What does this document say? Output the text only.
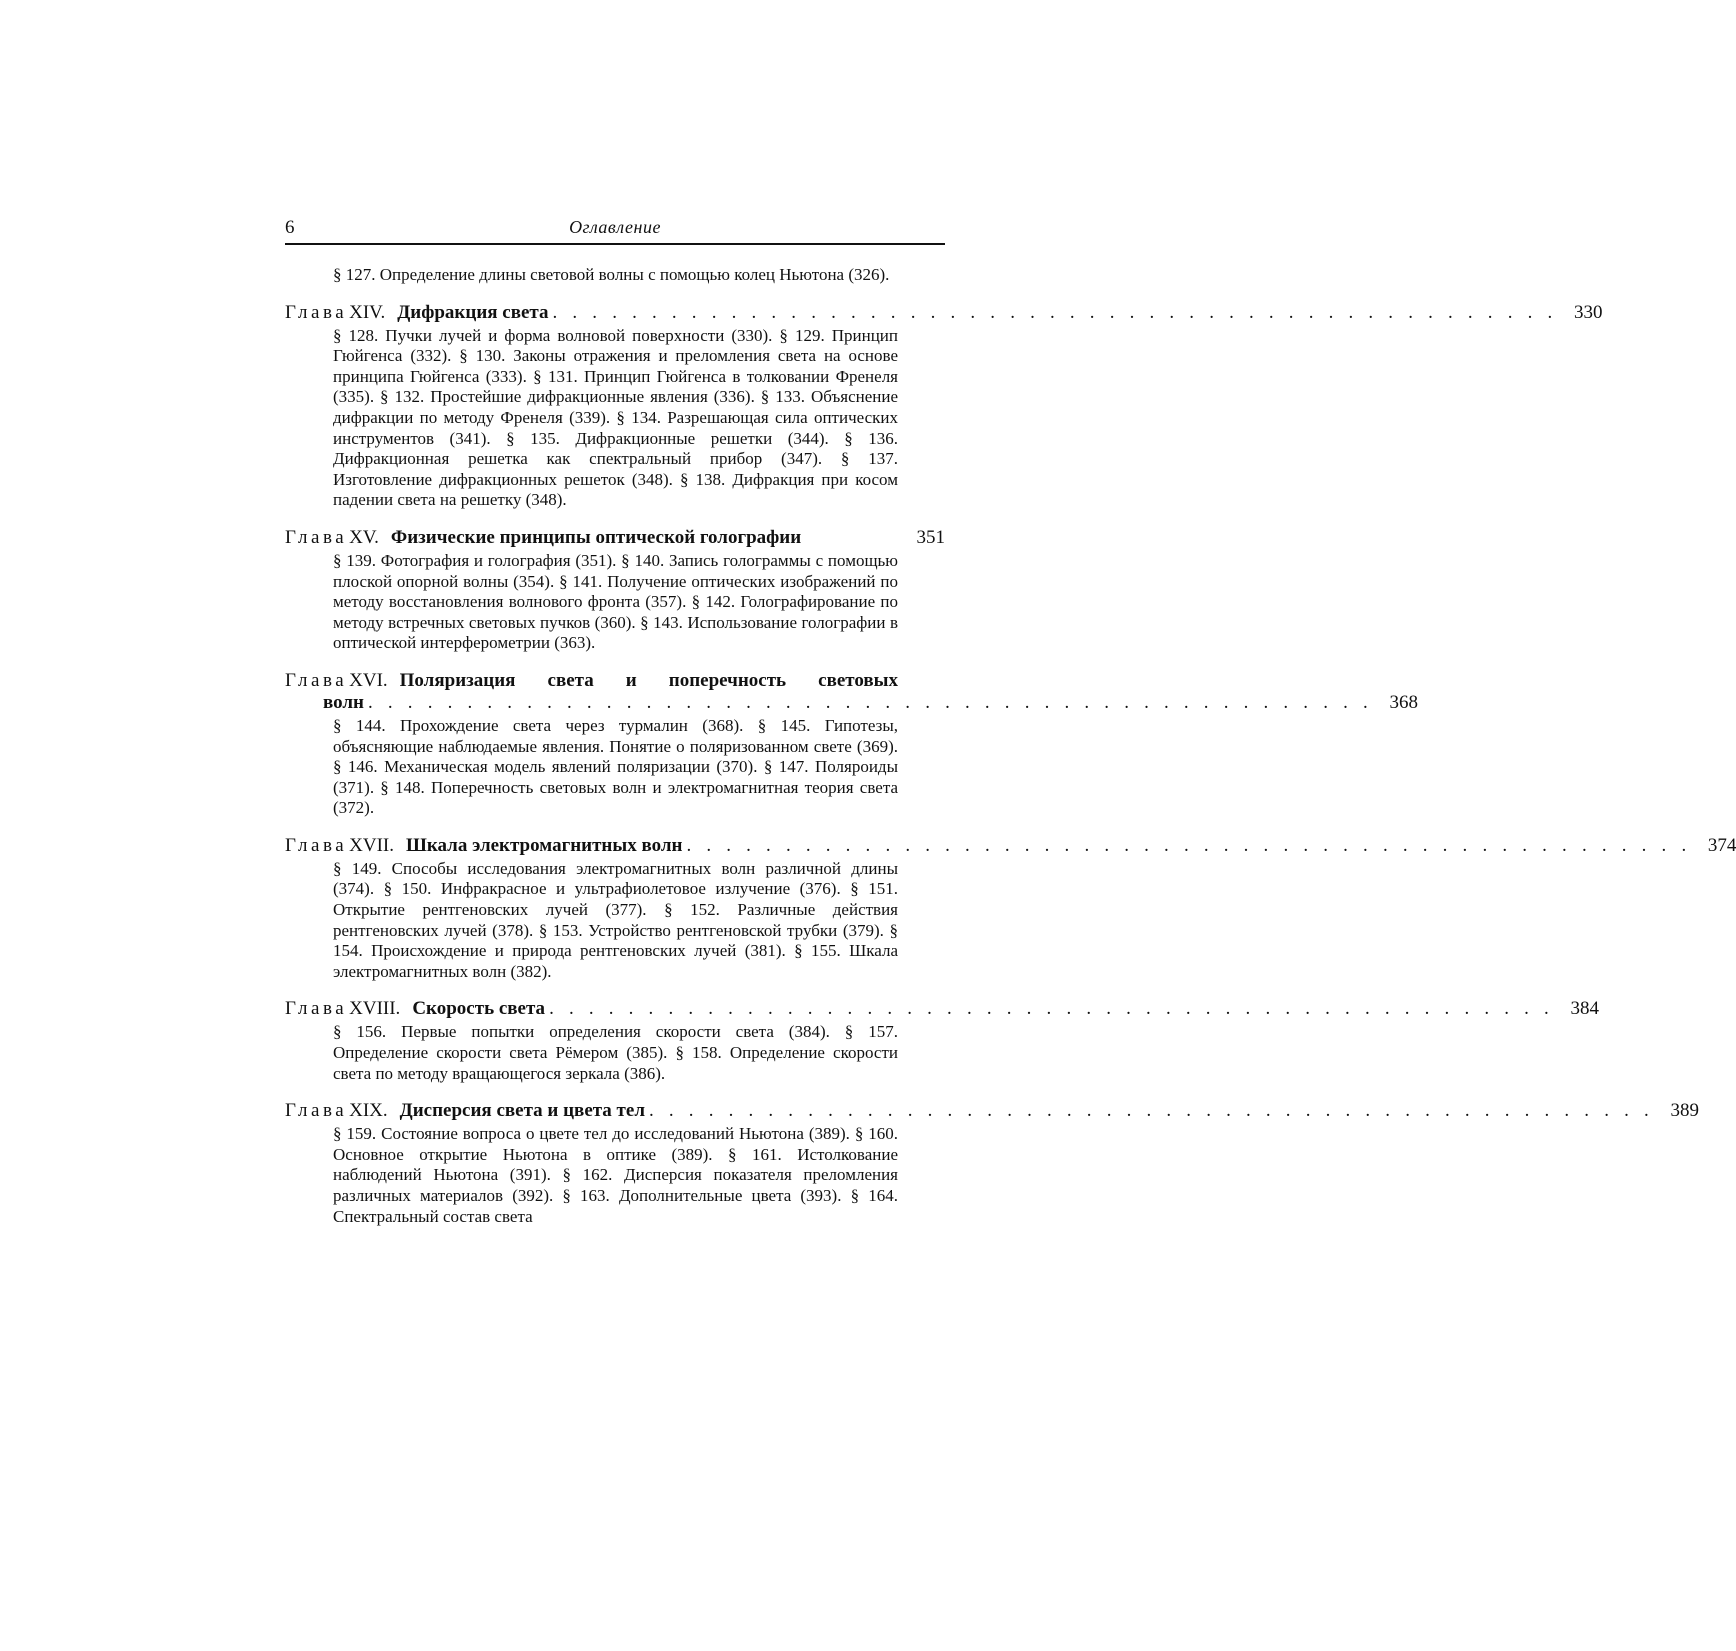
6	Оглавление
§ 127. Определение длины световой волны с помощью колец Ньютона (326).
Глава XIV. Дифракция света . . . . . . . . . . . . . . . . . . . . . . . . . . . . . . . . . . . . . . . . . . . . . . . . . . . 330
§ 128. Пучки лучей и форма волновой поверхности (330). § 129. Принцип Гюйгенса (332). § 130. Законы отражения и преломления света на основе принципа Гюйгенса (333). § 131. Принцип Гюйгенса в толковании Френеля (335). § 132. Простейшие дифракционные явления (336). § 133. Объяснение дифракции по методу Френеля (339). § 134. Разрешающая сила оптических инструментов (341). § 135. Дифракционные решетки (344). § 136. Дифракционная решетка как спектральный прибор (347). § 137. Изготовление дифракционных решеток (348). § 138. Дифракция при косом падении света на решетку (348).
Глава XV. Физические принципы оптической голографии	351
§ 139. Фотография и голография (351). § 140. Запись голограммы с помощью плоской опорной волны (354). § 141. Получение оптических изображений по методу восстановления волнового фронта (357). § 142. Голографирование по методу встречных световых пучков (360). § 143. Использование голографии в оптической интерферометрии (363).
Глава XVI. Поляризация света и поперечность световых
волн . . . . . . . . . . . . . . . . . . . . . . . . . . . . . . . . . . . . . . . . . . . . . . . . . . . 368
§ 144. Прохождение света через турмалин (368). § 145. Гипотезы, объясняющие наблюдаемые явления. Понятие о поляризованном свете (369). § 146. Механическая модель явлений поляризации (370). § 147. Поляроиды (371). § 148. Поперечность световых волн и электромагнитная теория света (372).
Глава XVII. Шкала электромагнитных волн . . . . . . . . . . . . . . . . . . . . . . . . . . . . . . . . . . . . . . . . . . . . . . . . . . . 374
§ 149. Способы исследования электромагнитных волн различной длины (374). § 150. Инфракрасное и ультрафиолетовое излучение (376). § 151. Открытие рентгеновских лучей (377). § 152. Различные действия рентгеновских лучей (378). § 153. Устройство рентгеновской трубки (379). § 154. Происхождение и природа рентгеновских лучей (381). § 155. Шкала электромагнитных волн (382).
Глава XVIII. Скорость света . . . . . . . . . . . . . . . . . . . . . . . . . . . . . . . . . . . . . . . . . . . . . . . . . . . 384
§ 156. Первые попытки определения скорости света (384). § 157. Определение скорости света Рёмером (385). § 158. Определение скорости света по методу вращающегося зеркала (386).
Глава XIX. Дисперсия света и цвета тел . . . . . . . . . . . . . . . . . . . . . . . . . . . . . . . . . . . . . . . . . . . . . . . . . . . 389
§ 159. Состояние вопроса о цвете тел до исследований Ньютона (389). § 160. Основное открытие Ньютона в оптике (389). § 161. Истолкование наблюдений Ньютона (391). § 162. Дисперсия показателя преломления различных материалов (392). § 163. Дополнительные цвета (393). § 164. Спектральный состав света
